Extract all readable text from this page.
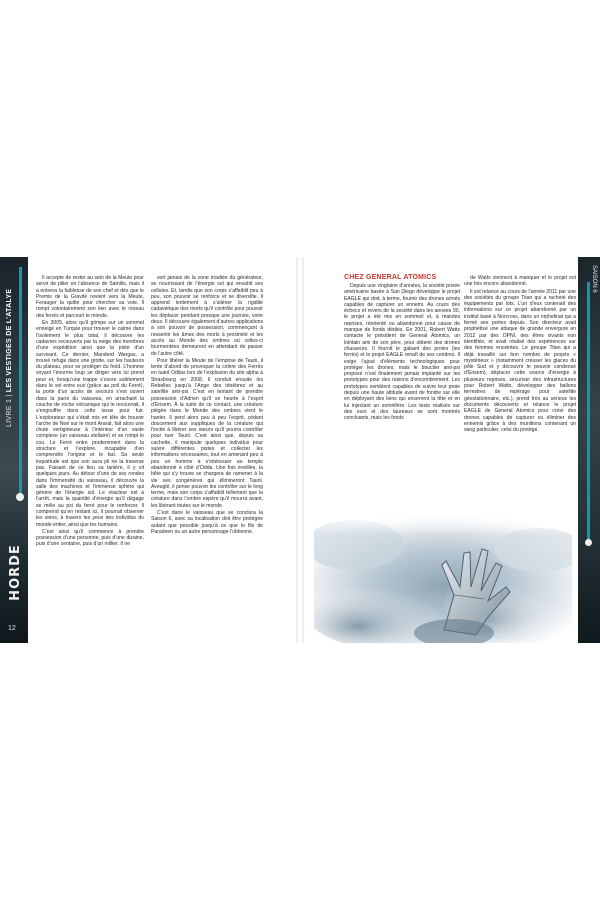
LIVRE 1 | LES VESTIGES DE L’ATALYE
HORDE
12

Il accepte de rester au sein de la Meute pour servir de pilier en l’absence de Samilis, mais il a entrevu la faiblesse de son chef et dès que le Premis de la Gravité revient vers la Meute, Ferauger la quitte pour chercher sa voie. Il rompt volontairement son lien avec le réseau des ferrés et parcourt le monde.

En 2005, alors qu’il grimpe sur un sommet enneigé en Turquie pour trouver le calme dans l’isolement le plus total, il découvre les cadavres recouverts par la neige des membres d’une expédition ainsi que la piste d’un survivant. Ce dernier, Manderd Wargas, a trouvé refuge dans une grotte, sur les hauteurs du plateau, pour se protéger du froid. L’homme voyant l’énorme loup se diriger vers lui prend peur et, lorsqu’une trappe s’ouvre subitement dans le sol entre eux (grâce au poil du Ferré), la porte d’un accès de secours s’est ouvert dans la paroi du vaisseau, en arrachant la couche de roche volcanique qui le recouvrait, il s’engouffre dans cette issue pour fuir. L’explorateur qui s’était mis en tête de trouver l’arche de Noé sur le mont Ararat, fait alors une chute vertigineuse à l’intérieur d’un vaste complexe (un vaisseau stellaire) et se rompt le cou. Le Ferré entre prudemment dans la structure et l’explore, incapable d’en comprendre l’origine et le but. Sa seule inquiétude est que son aura pil ne la traverse pas. Faisant de ce lieu sa tanière, il y vit quelques jours. Au détour d’une de ses rondes dans l’immensité du vaisseau, il découvre la salle des machines et l’immense sphère qui génère de l’énergie sol. Le réacteur est à l’arrêt, mais la quantité d’énergie qu’il dégage se mêle au psi du ferré pour le renforcer. Il comprend qu’en restant ici, il pourrait observer les siens, à travers les yeux des individus du monde entier, ainsi que les humains.

C’est ainsi qu’il commence à prendre possession d’une personne, puis d’une dizaine, puis d’une centaine, puis d’un millier. Il ne

sort jamais de la zone irradiée du générateur, se nourrissant de l’énergie sol qui envahit ses cellules. Et, tandis que son corps s’affaiblit peu à peu, son pouvoir se renforce et se diversifie. Il apprend lentement à s’aliéner la rigidité cadavérique des morts qu’il contrôle pour pouvoir les déplacer pendant presque une journée, voire deux. Il découvre également d’autres applications à son pouvoir de possession, commençant à ressentir les âmes des morts à proximité et les accès au Monde des ombres où celles-ci tourmentées demeurent en attendant de passer de l’autre côté.

Pour libérer la Meute de l’emprise de Taurii, il tente d’abord de provoquer la colère des Ferrés en tuant Odilas lors de l’explosion du site alpha à Strasbourg en 2008. Il conduit ensuite les Rebelles jusqu’à l’Ange des ténèbres et au satellite anti-psi. C’est en tentant de prendre possession d’Adrien qu’il se heurte à l’esprit d’Erisem. À la suite de ce contact, une créature piégée dans le Monde des ombres vient le hanter. Il perd alors peu à peu l’esprit, cédant doucement aux suppliques de la créature qui l’incite à libérer ses sœurs qu’il pourra contrôler pour tuer Taurii. C’est ainsi que, depuis sa cachette, il manipule quelques individus pour suivre différentes pistes et collecter les informations nécessaires, tout en amenant peu à peu un homme à s’intéresser au temple abandonné à côté d’Odda. Une fois éveillée, la bête qui s’y trouve se chargera de ramener à la vie ses congénères qui élimineront Taurii. Aveuglé, il pense pouvoir les contrôler sur le long terme, mais son corps s’affaiblit tellement que la créature dans l’ombre espère qu’il mourra avant, les libérant toutes sur le monde.

C’est dans le vaisseau que se conclura la Saison 6, avec sa localisation doit être protégée autant que possible jusqu’à ce que le fils de Paradeen ou un autre personnage l’obtienne.

SAISON 6
CHEZ GENERAL ATOMICS

Depuis une vingtaine d’années, la société privée américaine basée à San Diego développe le projet EAGLE qui doit, à terme, fournir des drones armés capables de capturer un ennemi. Au cours des échecs et revers de la société dans les années 90, le projet a été mis en sommeil et, à maintes reprises, réorienté ou abandonné pour cause de manque de fonds dédiés. En 2001, Robert Watts contacte le président de General Atomics, un lointain ami de son père, pour obtenir des drones chasseurs. Il fournit le gabarit des proies (les ferrés) et le projet EAGLE renaît de ses cendres. Il exige l’ajout d’éléments technologiques pour protéger les drones, mais le bouclier anti-psi proposé n’est finalement jamais implanté sur les prototypes pour des raisons d’encombrement. Les prototypes semblent capables de suivre leur proie depuis une haute altitude avant de fondre sur elle en déployant des liens qui enserrent la tête et en lui injectant un somnifère. Les tests réalisés sur des ours et des taureaux se sont montrés concluants, mais les fonds

de Watts viennent à manquer et le projet est une fois encore abandonné.

Il est relancé au cours de l’année 2011 par une des sociétés du groupe Titan qui a racheté des équipements par lots. L’un d’eux contenait des informations sur ce projet abandonné par un institut basé à Norcross, dans un orphelinat qui a fermé ses portes depuis. Son directeur avait prophétisé une attaque de grande envergure en 2012 par des OPNI, des êtres vivants non identifiés, et avait réalisé des expériences sur des femmes enceintes. Le groupe Titan qui a déjà travaillé sur bon nombre de projets « mystérieux » (notamment creuser les glaces du pôle Sud et y découvrir le pouvoir condensé d’Erisem), déplacer cette source d’énergie à plusieurs reprises, sécuriser des infrastructures pour Robert Watts, développer des ballons terrestres de repérage pour satellite géostationnaire, etc.), prend très au sérieux les documents découverts et relance le projet EAGLE de General Atomics pour créer des drones capables de capturer ou éliminer des ennemis grâce à des munitions contenant un sang particulier, celui du protégé.
